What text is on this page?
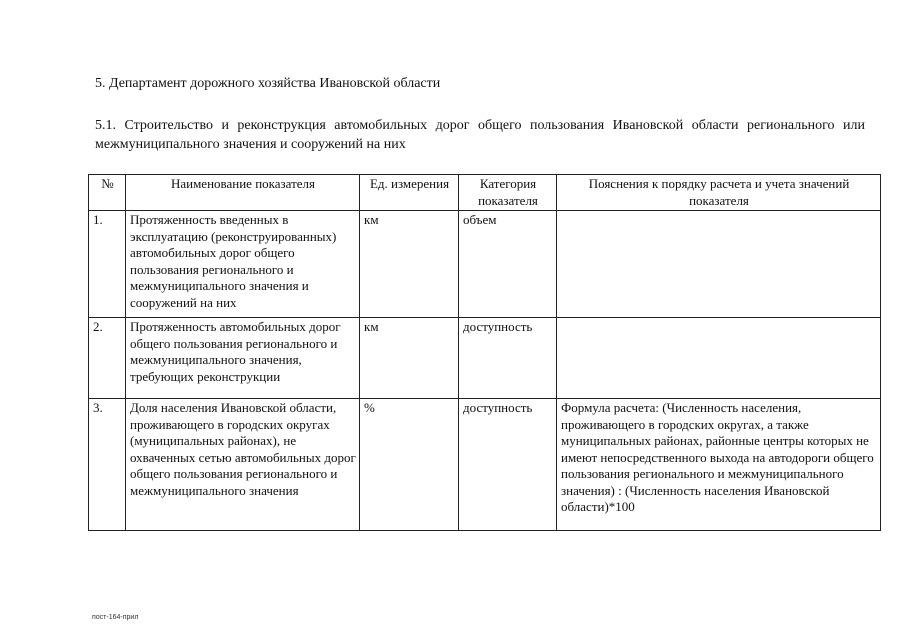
5. Департамент дорожного хозяйства Ивановской области
5.1. Строительство и реконструкция автомобильных дорог общего пользования Ивановской области регионального или межмуниципального значения и сооружений на них
№	Наименование показателя	Ед. измерения	Категория показателя	Пояснения к порядку расчета и учета значений показателя
1.	Протяженность введенных в эксплуатацию (реконструированных) автомобильных дорог общего пользования регионального и межмуниципального значения и сооружений на них	км	объем	
2.	Протяженность автомобильных дорог общего пользования регионального и межмуниципального значения, требующих реконструкции	км	доступность	
3.	Доля населения Ивановской области, проживающего в городских округах (муниципальных районах), не охваченных сетью автомобильных дорог общего пользования регионального и межмуниципального значения	%	доступность	Формула расчета: (Численность населения, проживающего в городских округах, а также муниципальных районах, районные центры которых не имеют непосредственного выхода на автодороги общего пользования регионального и межмуниципального значения) : (Численность населения Ивановской области)*100
пост-164-прил
